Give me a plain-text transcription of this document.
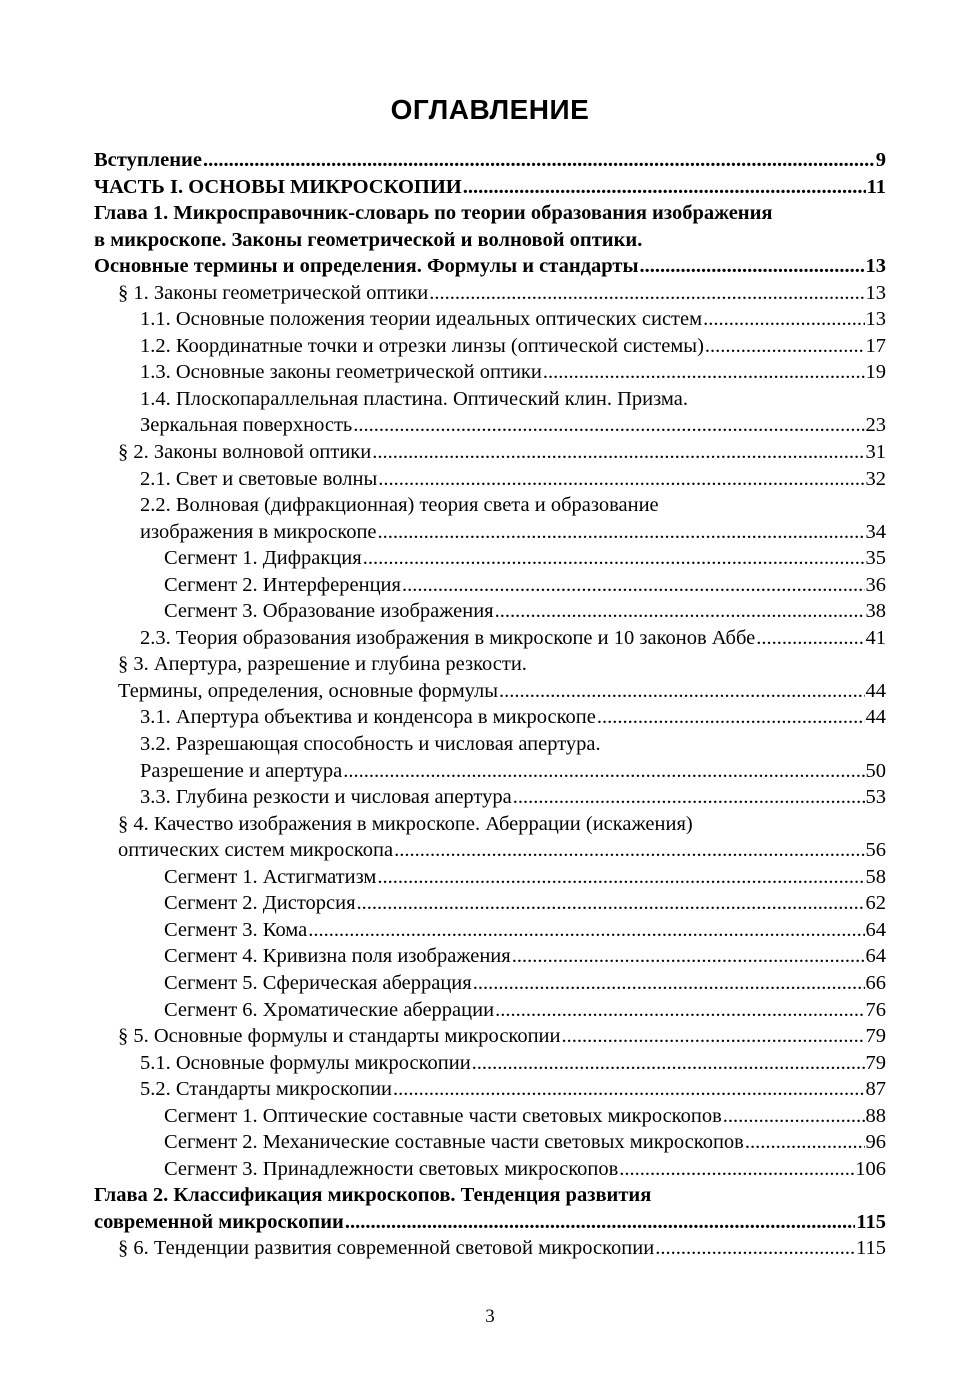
ОГЛАВЛЕНИЕ
Вступление .....	9
ЧАСТЬ I. ОСНОВЫ МИКРОСКОПИИ .....	11
Глава 1. Микросправочник-словарь по теории образования изображения
в микроскопе. Законы геометрической и волновой оптики.
Основные термины и определения. Формулы и стандарты .....	13
§ 1. Законы геометрической оптики .....	13
1.1. Основные положения теории идеальных оптических систем .....	13
1.2. Координатные точки и отрезки линзы (оптической системы) .....	17
1.3. Основные законы геометрической оптики .....	19
1.4. Плоскопараллельная пластина. Оптический клин. Призма.
Зеркальная поверхность .....	23
§ 2. Законы волновой оптики .....	31
2.1. Свет и световые волны .....	32
2.2. Волновая (дифракционная) теория света и образование
изображения в микроскопе .....	34
Сегмент 1. Дифракция .....	35
Сегмент 2. Интерференция .....	36
Сегмент 3. Образование изображения .....	38
2.3. Теория образования изображения в микроскопе и 10 законов Аббе .....	41
§ 3. Апертура, разрешение и глубина резкости.
Термины, определения, основные формулы .....	44
3.1. Апертура объектива и конденсора в микроскопе .....	44
3.2. Разрешающая способность и числовая апертура.
Разрешение и апертура .....	50
3.3. Глубина резкости и числовая апертура .....	53
§ 4. Качество изображения в микроскопе. Аберрации (искажения)
оптических систем микроскопа .....	56
Сегмент 1. Астигматизм .....	58
Сегмент 2. Дисторсия .....	62
Сегмент 3. Кома .....	64
Сегмент 4. Кривизна поля изображения .....	64
Сегмент 5. Сферическая аберрация .....	66
Сегмент 6. Хроматические аберрации .....	76
§ 5. Основные формулы и стандарты микроскопии .....	79
5.1. Основные формулы микроскопии .....	79
5.2. Стандарты микроскопии .....	87
Сегмент 1. Оптические составные части световых микроскопов .....	88
Сегмент 2. Механические составные части световых микроскопов .....	96
Сегмент 3. Принадлежности световых микроскопов .....	106
Глава 2. Классификация микроскопов. Тенденция развития
современной микроскопии .....	115
§ 6. Тенденции развития современной световой микроскопии .....	115
3
